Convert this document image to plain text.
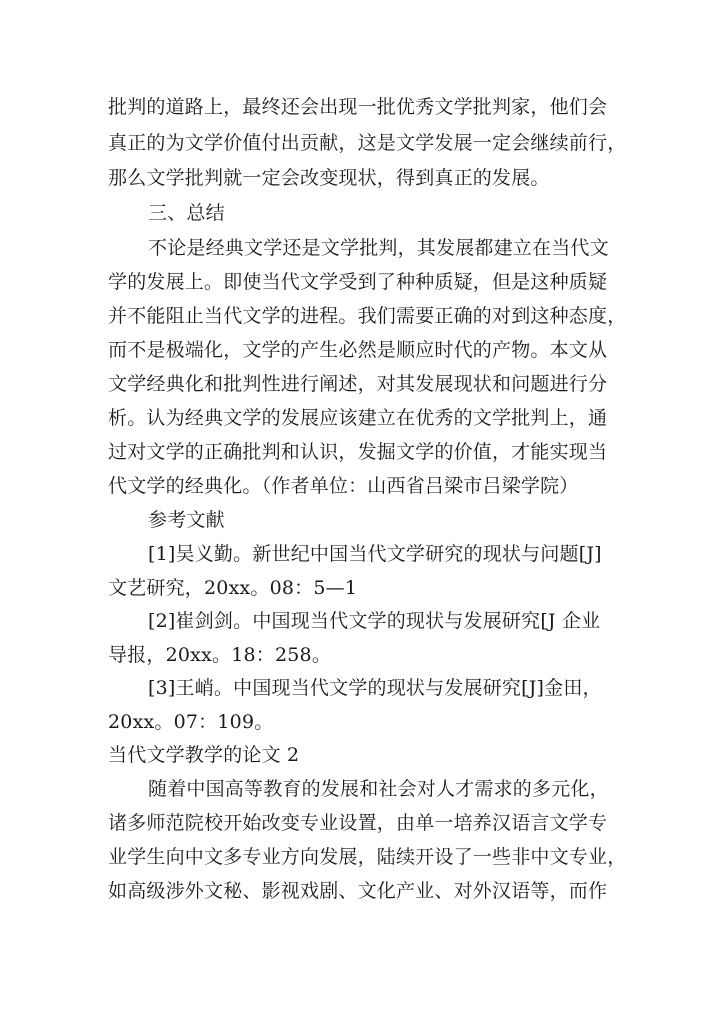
批判的道路上，最终还会出现一批优秀文学批判家，他们会
真正的为文学价值付出贡献，这是文学发展一定会继续前行，
那么文学批判就一定会改变现状，得到真正的发展。
三、总结
不论是经典文学还是文学批判，其发展都建立在当代文
学的发展上。即使当代文学受到了种种质疑，但是这种质疑
并不能阻止当代文学的进程。我们需要正确的对到这种态度，
而不是极端化，文学的产生必然是顺应时代的产物。本文从
文学经典化和批判性进行阐述，对其发展现状和问题进行分
析。认为经典文学的发展应该建立在优秀的文学批判上，通
过对文学的正确批判和认识，发掘文学的价值，才能实现当
代文学的经典化。（作者单位：山西省吕梁市吕梁学院）
参考文献
[1]吴义勤。新世纪中国当代文学研究的现状与问题[J]
文艺研究，20xx。08：5—1
[2]崔剑剑。中国现当代文学的现状与发展研究[J 企业
导报，20xx。18：258。
[3]王峭。中国现当代文学的现状与发展研究[J]金田，
20xx。07：109。
当代文学教学的论文 2
随着中国高等教育的发展和社会对人才需求的多元化，
诸多师范院校开始改变专业设置，由单一培养汉语言文学专
业学生向中文多专业方向发展，陆续开设了一些非中文专业，
如高级涉外文秘、影视戏剧、文化产业、对外汉语等，而作
